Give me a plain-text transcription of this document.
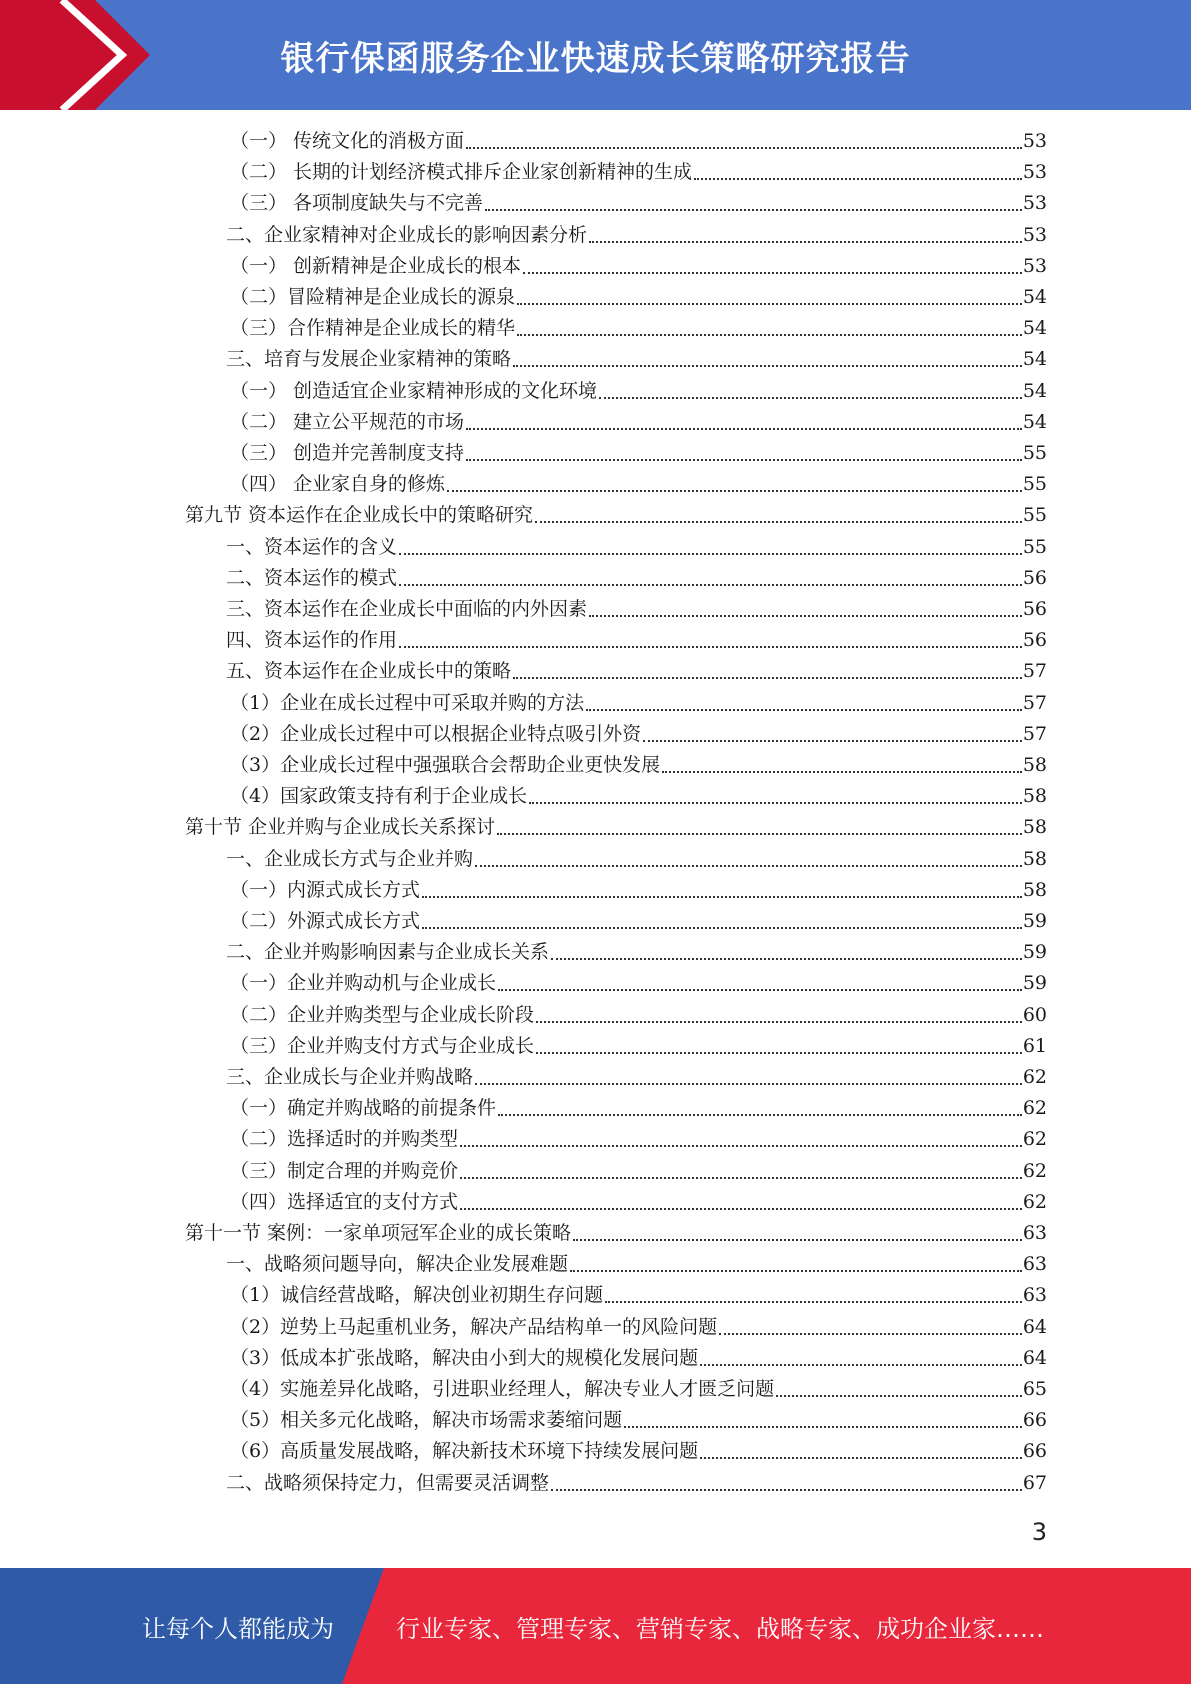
银行保函服务企业快速成长策略研究报告
（一） 传统文化的消极方面	53
（二） 长期的计划经济模式排斥企业家创新精神的生成	53
（三） 各项制度缺失与不完善	53
二、企业家精神对企业成长的影响因素分析	53
（一） 创新精神是企业成长的根本	53
（二）冒险精神是企业成长的源泉	54
（三）合作精神是企业成长的精华	54
三、培育与发展企业家精神的策略	54
（一） 创造适宜企业家精神形成的文化环境	54
（二） 建立公平规范的市场	54
（三） 创造并完善制度支持	55
（四） 企业家自身的修炼	55
第九节 资本运作在企业成长中的策略研究	55
一、资本运作的含义	55
二、资本运作的模式	56
三、资本运作在企业成长中面临的内外因素	56
四、资本运作的作用	56
五、资本运作在企业成长中的策略	57
（1）企业在成长过程中可采取并购的方法	57
（2）企业成长过程中可以根据企业特点吸引外资	57
（3）企业成长过程中强强联合会帮助企业更快发展	58
（4）国家政策支持有利于企业成长	58
第十节 企业并购与企业成长关系探讨	58
一、企业成长方式与企业并购	58
（一）内源式成长方式	58
（二）外源式成长方式	59
二、企业并购影响因素与企业成长关系	59
（一）企业并购动机与企业成长	59
（二）企业并购类型与企业成长阶段	60
（三）企业并购支付方式与企业成长	61
三、企业成长与企业并购战略	62
（一）确定并购战略的前提条件	62
（二）选择适时的并购类型	62
（三）制定合理的并购竞价	62
（四）选择适宜的支付方式	62
第十一节 案例：一家单项冠军企业的成长策略	63
一、战略须问题导向，解决企业发展难题	63
（1）诚信经营战略，解决创业初期生存问题	63
（2）逆势上马起重机业务，解决产品结构单一的风险问题	64
（3）低成本扩张战略，解决由小到大的规模化发展问题	64
（4）实施差异化战略，引进职业经理人，解决专业人才匮乏问题	65
（5）相关多元化战略，解决市场需求萎缩问题	66
（6）高质量发展战略，解决新技术环境下持续发展问题	66
二、战略须保持定力，但需要灵活调整	67
3
让每个人都能成为	行业专家、管理专家、营销专家、战略专家、成功企业家……
